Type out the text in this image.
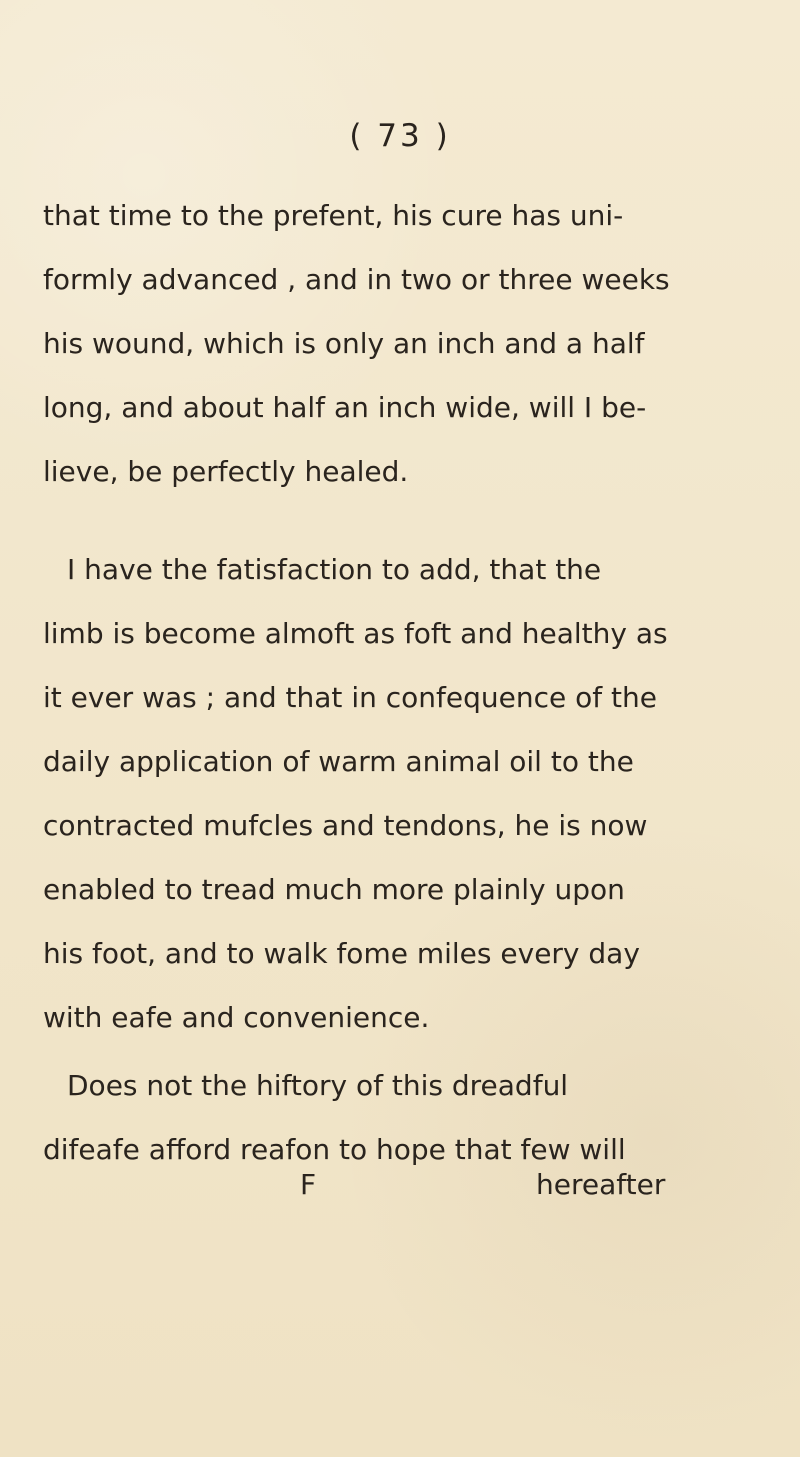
( 73 )
that time to the prefent, his cure has uni-
formly advanced , and in two or three weeks
his wound, which is only an inch and a half
long, and about half an inch wide, will I be-
lieve, be perfectly healed.
I have the fatisfaction to add, that the
limb is become almoft as foft and healthy as
it ever was ; and that in confequence of the
daily application of warm animal oil to the
contracted mufcles and tendons, he is now
enabled to tread much more plainly upon
his foot, and to walk fome miles every day
with eafe and convenience.
Does not the hiftory of this dreadful
difeafe afford reafon to hope that few will
F	hereafter
